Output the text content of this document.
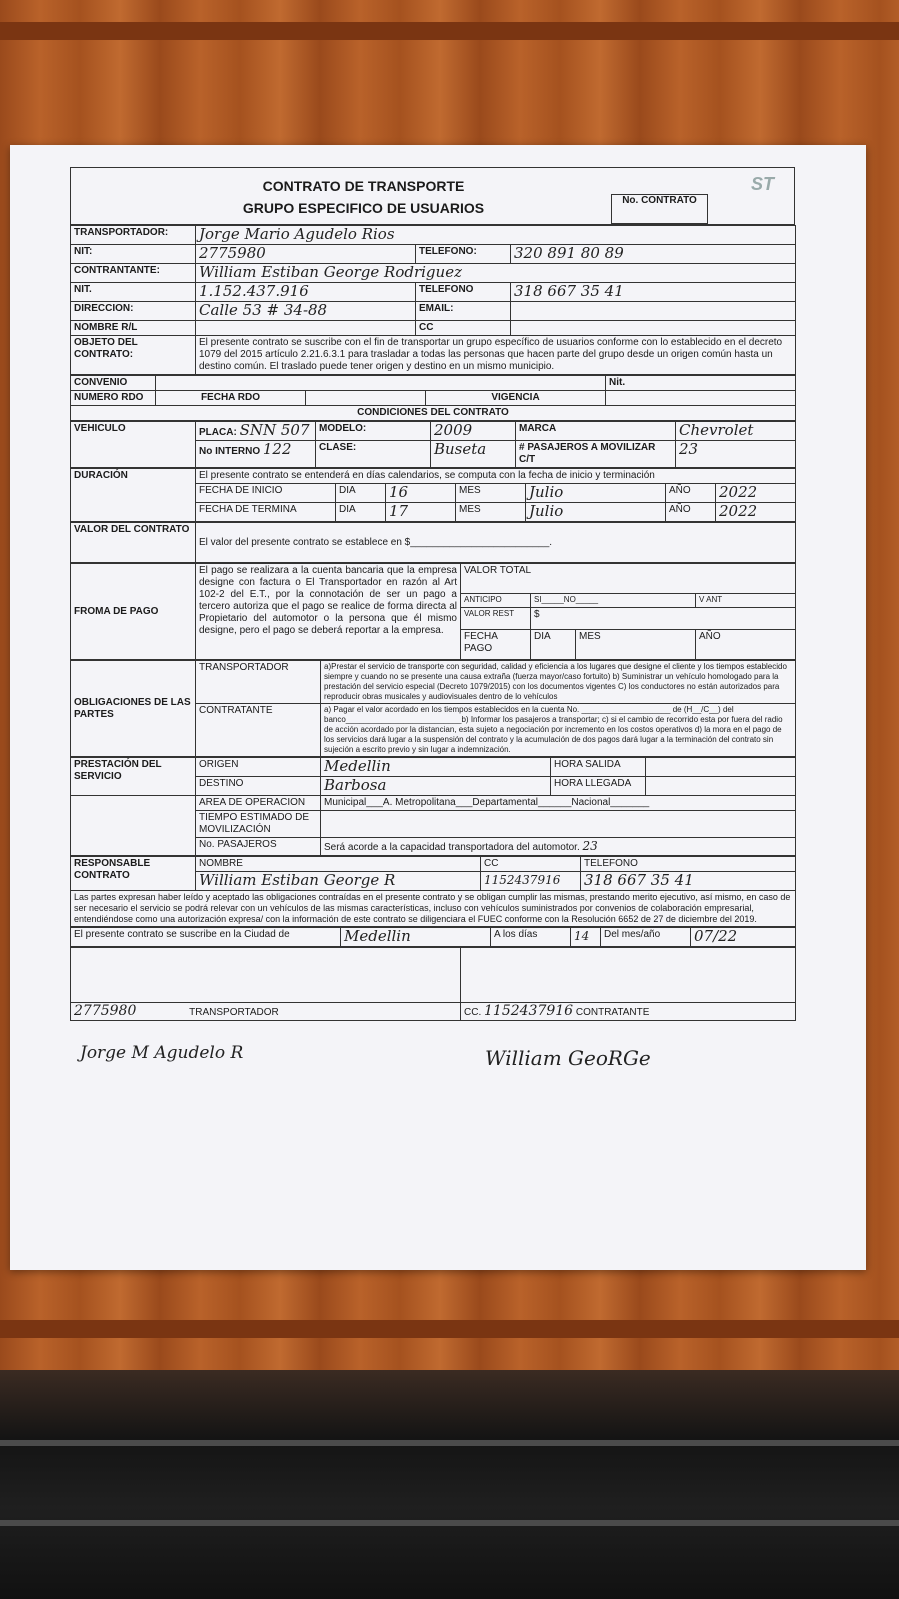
CONTRATO DE TRANSPORTE
GRUPO ESPECIFICO DE USUARIOS	No. CONTRATO
ST
TRANSPORTADOR:	Jorge Mario Agudelo Rios		
NIT:	2775980	TELEFONO:	320 891 80 89
CONTRANTANTE:	William Estiban George Rodriguez		
NIT.	1.152.437.916	TELEFONO	318 667 35 41
DIRECCION:	Calle 53 # 34-88	EMAIL:	
NOMBRE R/L		CC	
OBJETO DEL CONTRATO:	El presente contrato se suscribe con el fin de transportar un grupo específico de usuarios conforme con lo establecido en el decreto 1079 del 2015 artículo 2.21.6.3.1 para trasladar a todas las personas que hacen parte del grupo desde un origen común hasta un destino común. El traslado puede tener origen y destino en un mismo municipio.		
CONVENIO				Nit.
NUMERO RDO	FECHA RDO		VIGENCIA	
CONDICIONES DEL CONTRATO				
VEHICULO	PLACA: SNN 507	MODELO:	2009	MARCA	Chevrolet
	No INTERNO 122	CLASE:	Buseta	# PASAJEROS A MOVILIZAR C/T	23
DURACIÓN	El presente contrato se entenderá en días calendarios, se computa con la fecha de inicio y terminación						
	FECHA DE INICIO	DIA	16	MES	Julio	AÑO	2022
	FECHA DE TERMINA	DIA	17	MES	Julio	AÑO	2022
VALOR DEL CONTRATO	El valor del presente contrato se establece en $_________________________.
FROMA DE PAGO	El pago se realizara a la cuenta bancaria que la empresa designe con factura o El Transportador en razón al Art 102-2 del E.T., por la connotación de ser un pago a tercero autoriza que el pago se realice de forma directa al Propietario del automotor o la persona que él mismo designe, pero el pago se deberá reportar a la empresa.	VALOR TOTAL			
		ANTICIPO	SI_____NO_____		V ANT
		VALOR REST	$		
		FECHA PAGO	DIA	MES	AÑO
OBLIGACIONES DE LAS PARTES	TRANSPORTADOR	a)Prestar el servicio de transporte con seguridad, calidad y eficiencia a los lugares que designe el cliente y los tiempos establecido siempre y cuando no se presente una causa extraña (fuerza mayor/caso fortuito) b) Suministrar un vehículo homologado para la prestación del servicio especial (Decreto 1079/2015) con los documentos vigentes C) los conductores no están autorizados para reproducir obras musicales y audiovisuales dentro de lo vehículos
	CONTRATANTE	a) Pagar el valor acordado en los tiempos establecidos en la cuenta No. ____________________ de (H__/C__) del banco__________________________b) Informar los pasajeros a transportar; c) si el cambio de recorrido esta por fuera del radio de acción acordado por la distancian, esta sujeto a negociación por incremento en los costos operativos d) la mora en el pago de los servicios dará lugar a la suspensión del contrato y la acumulación de dos pagos dará lugar a la terminación del contrato sin sujeción a escrito previo y sin lugar a indemnización.
PRESTACIÓN DEL SERVICIO	ORIGEN	Medellin	HORA SALIDA	
	DESTINO	Barbosa	HORA LLEGADA	
	AREA DE OPERACION	Municipal___A. Metropolitana___Departamental______Nacional_______		
	TIEMPO ESTIMADO DE MOVILIZACIÓN			
	No. PASAJEROS	Será acorde a la capacidad transportadora del automotor. 23		
RESPONSABLE CONTRATO	NOMBRE	CC	TELEFONO
	William Estiban George R	1152437916	318 667 35 41
Las partes expresan haber leído y aceptado las obligaciones contraídas en el presente contrato y se obligan cumplir las mismas, prestando merito ejecutivo, así mismo, en caso de ser necesario el servicio se podrá relevar con un vehículos de las mismas características, incluso con vehículos suministrados por convenios de colaboración empresarial, entendiéndose como una autorización expresa/ con la información de este contrato se diligenciara el FUEC conforme con la Resolución 6652 de 27 de diciembre del 2019.			
El presente contrato se suscribe en la Ciudad de	Medellin	A los días	14	Del mes/año	07/22

2775980 TRANSPORTADOR	CC. 1152437916 CONTRATANTE
Jorge M Agudelo R	William GeoRGe
